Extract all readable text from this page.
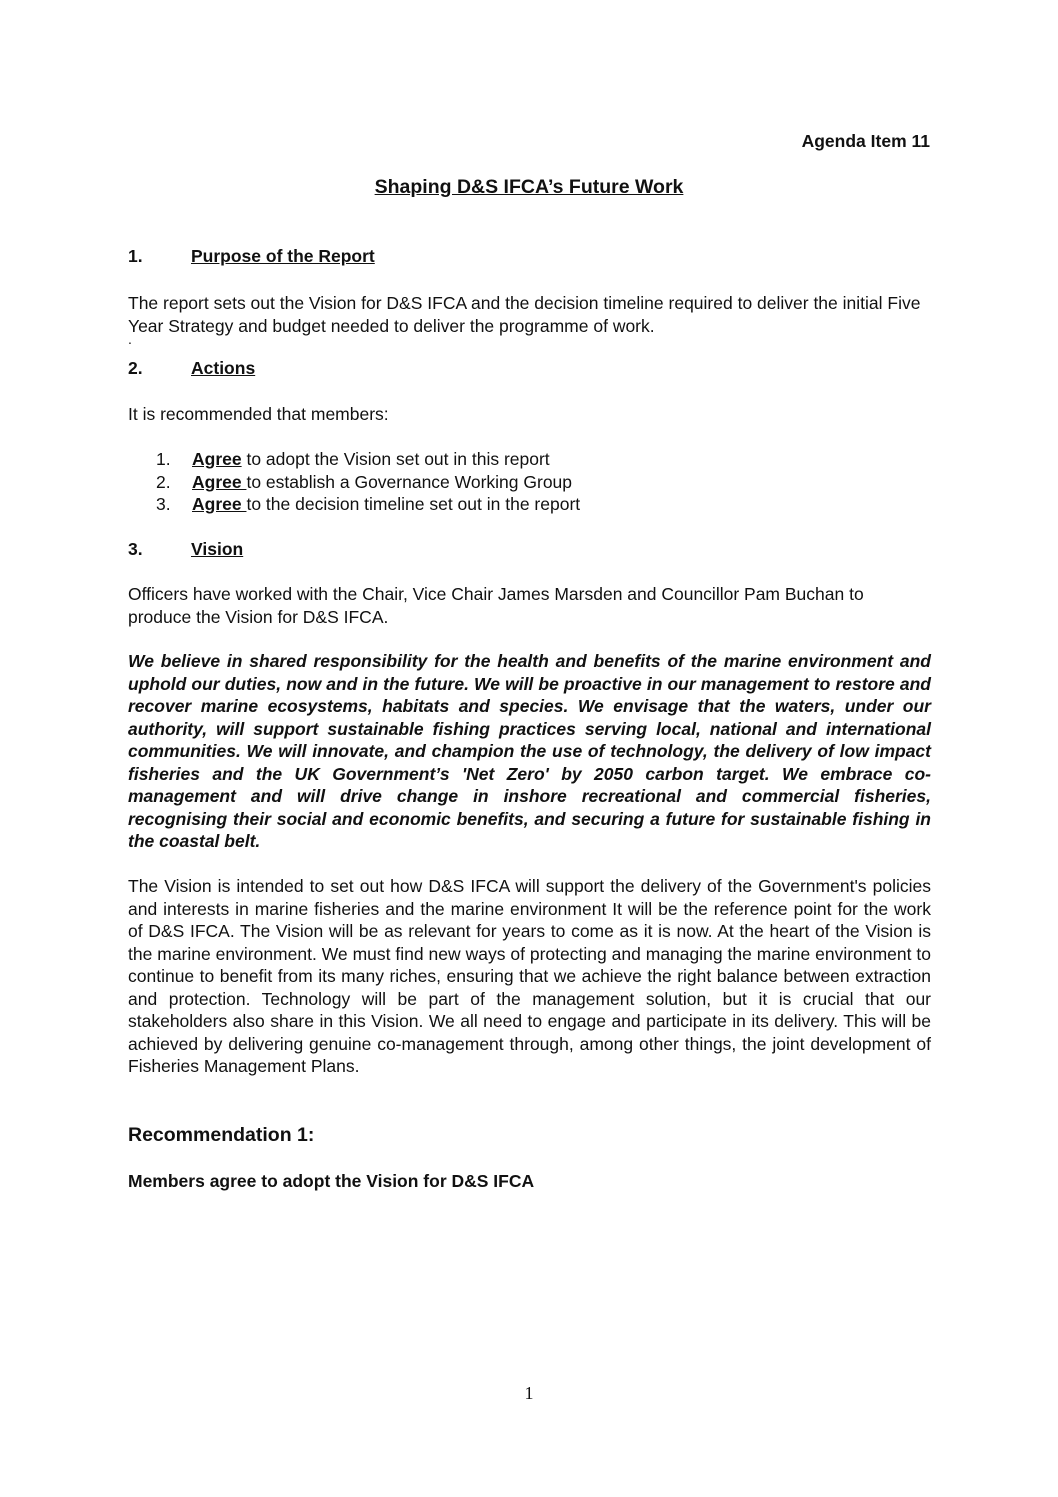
Agenda Item 11
Shaping D&S IFCA’s Future Work
1.	Purpose of the Report

The report sets out the Vision for D&S IFCA and the decision timeline required to deliver the initial Five Year Strategy and budget needed to deliver the programme of work.

.
2.	Actions

It is recommended that members:

1. Agree to adopt the Vision set out in this report
2. Agree to establish a Governance Working Group
3. Agree to the decision timeline set out in the report
3.	Vision

Officers have worked with the Chair, Vice Chair James Marsden and Councillor Pam Buchan to produce the Vision for D&S IFCA.

We believe in shared responsibility for the health and benefits of the marine environment and uphold our duties, now and in the future. We will be proactive in our management to restore and recover marine ecosystems, habitats and species. We envisage that the waters, under our authority, will support sustainable fishing practices serving local, national and international communities. We will innovate, and champion the use of technology, the delivery of low impact fisheries and the UK Government’s 'Net Zero' by 2050 carbon target. We embrace co-management and will drive change in inshore recreational and commercial fisheries, recognising their social and economic benefits, and securing a future for sustainable fishing in the coastal belt.

The Vision is intended to set out how D&S IFCA will support the delivery of the Government's policies and interests in marine fisheries and the marine environment It will be the reference point for the work of D&S IFCA. The Vision will be as relevant for years to come as it is now. At the heart of the Vision is the marine environment. We must find new ways of protecting and managing the marine environment to continue to benefit from its many riches, ensuring that we achieve the right balance between extraction and protection. Technology will be part of the management solution, but it is crucial that our stakeholders also share in this Vision. We all need to engage and participate in its delivery. This will be achieved by delivering genuine co-management through, among other things, the joint development of Fisheries Management Plans.

Recommendation 1:
Members agree to adopt the Vision for D&S IFCA
1
